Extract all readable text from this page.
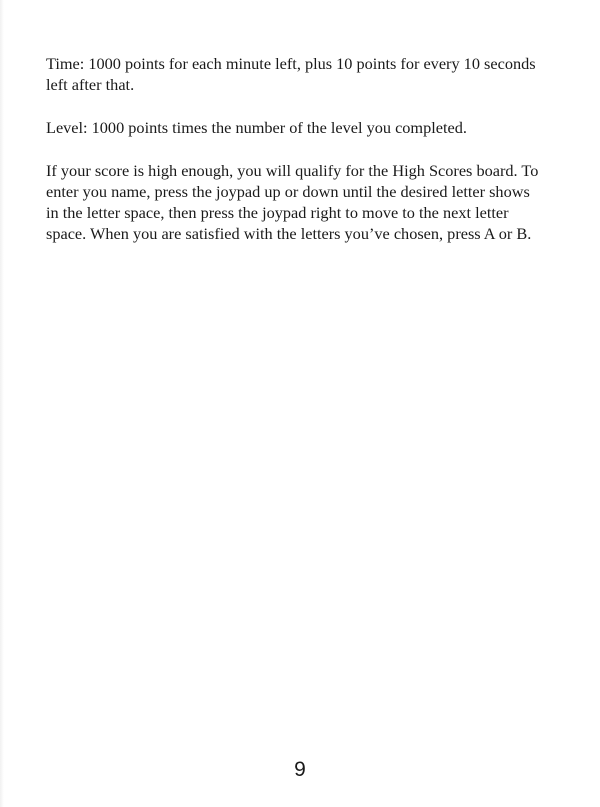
Time: 1000 points for each minute left, plus 10 points for every 10 seconds left after that.

Level: 1000 points times the number of the level you completed.

If your score is high enough, you will qualify for the High Scores board. To enter you name, press the joypad up or down until the desired letter shows in the letter space, then press the joypad right to move to the next letter space. When you are satisfied with the letters you’ve chosen, press A or B.

9
